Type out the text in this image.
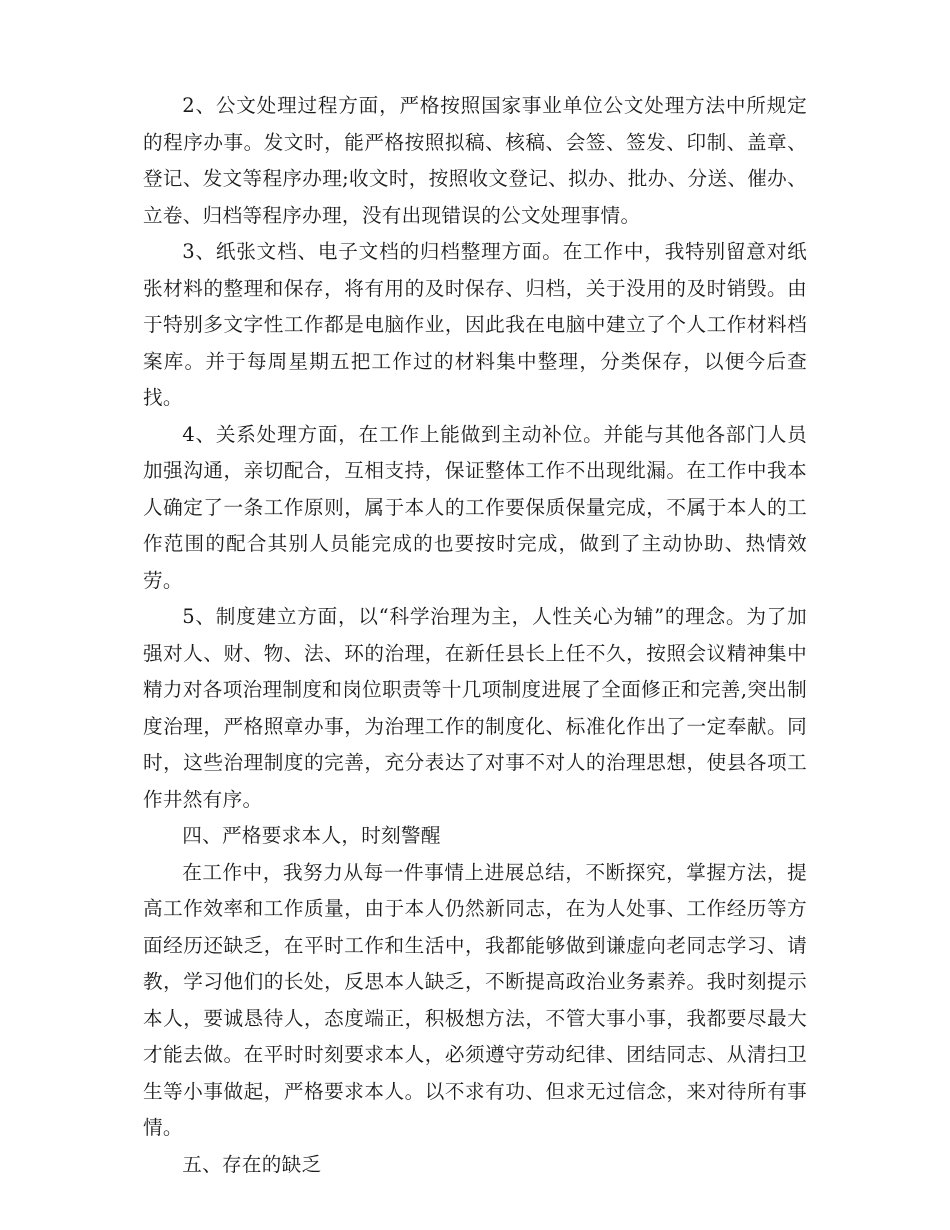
2、公文处理过程方面，严格按照国家事业单位公文处理方法中所规定的程序办事。发文时，能严格按照拟稿、核稿、会签、签发、印制、盖章、登记、发文等程序办理;收文时，按照收文登记、拟办、批办、分送、催办、立卷、归档等程序办理，没有出现错误的公文处理事情。

3、纸张文档、电子文档的归档整理方面。在工作中，我特别留意对纸张材料的整理和保存，将有用的及时保存、归档，关于没用的及时销毁。由于特别多文字性工作都是电脑作业，因此我在电脑中建立了个人工作材料档案库。并于每周星期五把工作过的材料集中整理，分类保存，以便今后查找。

4、关系处理方面，在工作上能做到主动补位。并能与其他各部门人员加强沟通，亲切配合，互相支持，保证整体工作不出现纰漏。在工作中我本人确定了一条工作原则，属于本人的工作要保质保量完成，不属于本人的工作范围的配合其别人员能完成的也要按时完成，做到了主动协助、热情效劳。

5、制度建立方面，以“科学治理为主，人性关心为辅”的理念。为了加强对人、财、物、法、环的治理，在新任县长上任不久，按照会议精神集中精力对各项治理制度和岗位职责等十几项制度进展了全面修正和完善,突出制度治理，严格照章办事，为治理工作的制度化、标准化作出了一定奉献。同时，这些治理制度的完善，充分表达了对事不对人的治理思想，使县各项工作井然有序。

四、严格要求本人，时刻警醒

在工作中，我努力从每一件事情上进展总结，不断探究，掌握方法，提高工作效率和工作质量，由于本人仍然新同志，在为人处事、工作经历等方面经历还缺乏，在平时工作和生活中，我都能够做到谦虚向老同志学习、请教，学习他们的长处，反思本人缺乏，不断提高政治业务素养。我时刻提示本人，要诚恳待人，态度端正，积极想方法，不管大事小事，我都要尽最大才能去做。在平时时刻要求本人，必须遵守劳动纪律、团结同志、从清扫卫生等小事做起，严格要求本人。以不求有功、但求无过信念，来对待所有事情。

五、存在的缺乏
